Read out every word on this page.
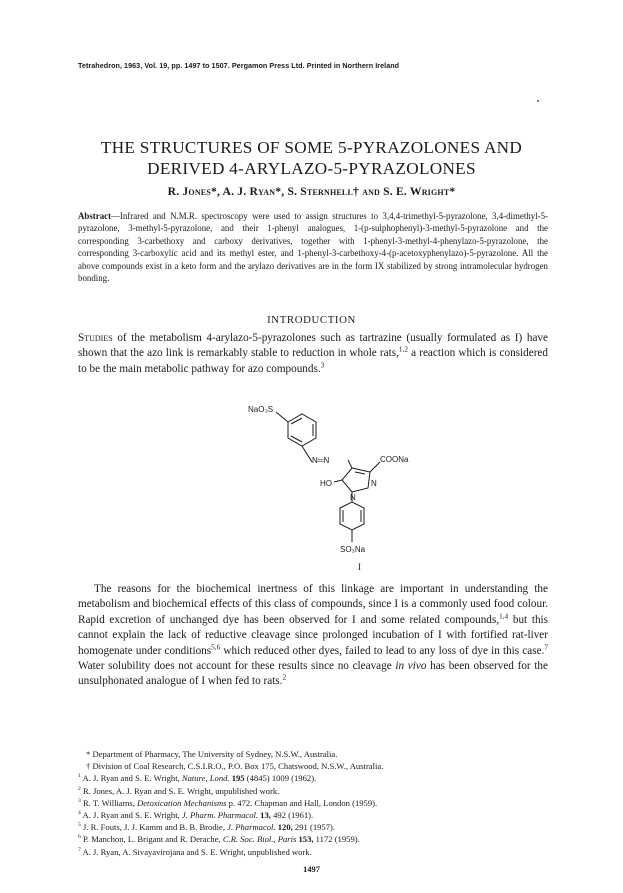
Tetrahedron, 1963, Vol. 19, pp. 1497 to 1507. Pergamon Press Ltd. Printed in Northern Ireland
THE STRUCTURES OF SOME 5-PYRAZOLONES AND
DERIVED 4-ARYLAZO-5-PYRAZOLONES
R. Jones*, A. J. Ryan*, S. Sternhell† and S. E. Wright*
Abstract—Infrared and N.M.R. spectroscopy were used to assign structures to 3,4,4-trimethyl-5-pyrazolone, 3,4-dimethyl-5-pyrazolone, 3-methyl-5-pyrazolone, and their 1-phenyl analogues, 1-(p-sulphophenyl)-3-methyl-5-pyrazolone and the corresponding 3-carbethoxy and carboxy derivatives, together with 1-phenyl-3-methyl-4-phenylazo-5-pyrazolone, the corresponding 3-carboxylic acid and its methyl ester, and 1-phenyl-3-carbethoxy-4-(p-acetoxyphenylazo)-5-pyrazolone. All the above compounds exist in a keto form and the arylazo derivatives are in the form IX stabilized by strong intramolecular hydrogen bonding.
INTRODUCTION
Studies of the metabolism 4-arylazo-5-pyrazolones such as tartrazine (usually formulated as I) have shown that the azo link is remarkably stable to reduction in whole rats,$^{1,2}$ a reaction which is considered to be the main metabolic pathway for azo compounds.$^3$
NaO₃S
N═N	COONa
N
HO
N
SO₃Na
I
The reasons for the biochemical inertness of this linkage are important in understanding the metabolism and biochemical effects of this class of compounds, since I is a commonly used food colour. Rapid excretion of unchanged dye has been observed for I and some related compounds,$^{1,4}$ but this cannot explain the lack of reductive cleavage since prolonged incubation of I with fortified rat-liver homogenate under conditions$^{5,6}$ which reduced other dyes, failed to lead to any loss of dye in this case.$^7$ Water solubility does not account for these results since no cleavage in vivo has been observed for the unsulphonated analogue of I when fed to rats.$^2$
* Department of Pharmacy, The University of Sydney, N.S.W., Australia.
† Division of Coal Research, C.S.I.R.O., P.O. Box 175, Chatswood, N.S.W., Australia.
$^1$ A. J. Ryan and S. E. Wright, Nature, Lond. 195 (4845) 1009 (1962).
$^2$ R. Jones, A. J. Ryan and S. E. Wright, unpublished work.
$^3$ R. T. Williams, Detoxication Mechanisms p. 472. Chapman and Hall, London (1959).
$^4$ A. J. Ryan and S. E. Wright, J. Pharm. Pharmacol. 13, 492 (1961).
$^5$ J. R. Fouts, J. J. Kamm and B. B. Brodie, J. Pharmacol. 120, 291 (1957).
$^6$ P. Manchon, L. Brigant and R. Derache, C.R. Soc. Biol., Paris 153, 1172 (1959).
$^7$ A. J. Ryan, A. Sivayavirojana and S. E. Wright, unpublished work.
1497
